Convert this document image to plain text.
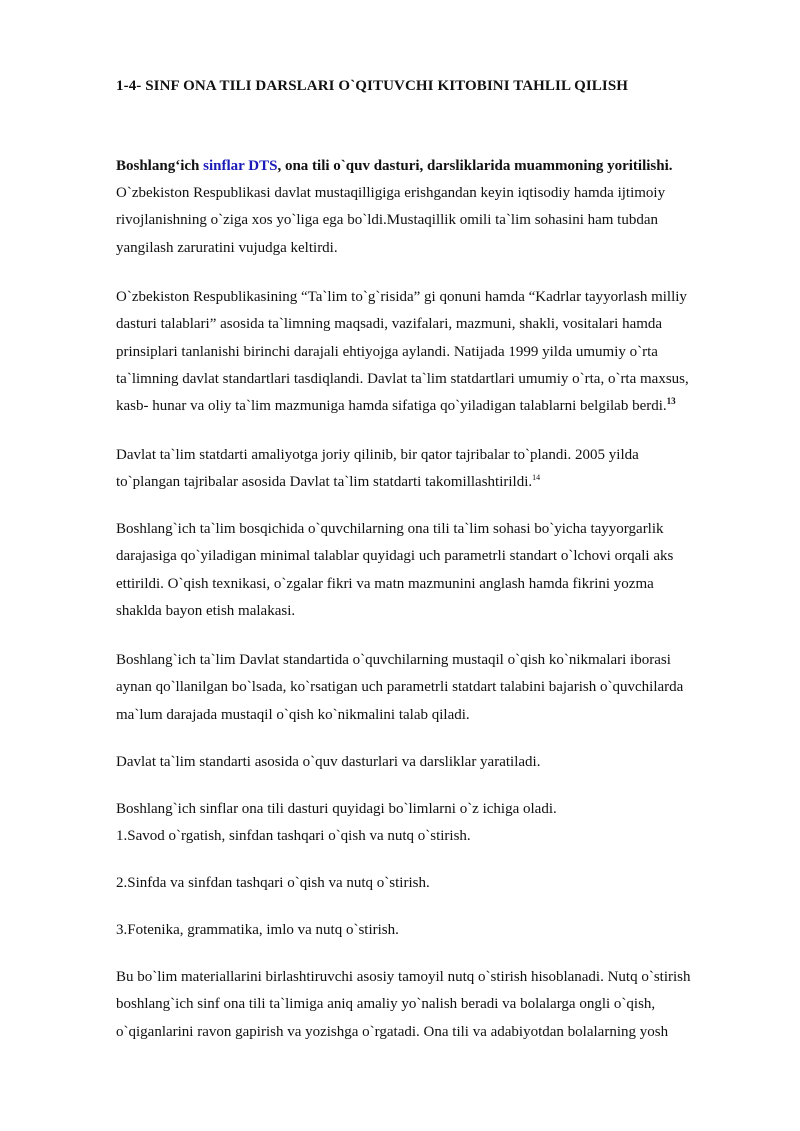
1-4- SINF ONA TILI DARSLARI O`QITUVCHI KITOBINI TAHLIL QILISH
Boshlang‘ich sinflar DTS, ona tili o`quv dasturi, darsliklarida muammoning yoritilishi.
O`zbekiston Respublikasi davlat mustaqilligiga erishgandan keyin iqtisodiy hamda ijtimoiy
rivojlanishning o`ziga xos yo`liga ega bo`ldi.Mustaqillik omili ta`lim sohasini ham tubdan
yangilash zaruratini vujudga keltirdi.
O`zbekiston Respublikasining “Ta`lim to`g`risida” gi qonuni hamda “Kadrlar tayyorlash milliy
dasturi talablari” asosida ta`limning maqsadi, vazifalari, mazmuni, shakli, vositalari hamda
prinsiplari tanlanishi birinchi darajali ehtiyojga aylandi. Natijada 1999 yilda umumiy o`rta
ta`limning davlat standartlari tasdiqlandi. Davlat ta`lim statdartlari umumiy o`rta, o`rta maxsus,
kasb- hunar va oliy ta`lim mazmuniga hamda sifatiga qo`yiladigan talablarni belgilab berdi.$^{13}$
Davlat ta`lim statdarti amaliyotga joriy qilinib, bir qator tajribalar to`plandi. 2005 yilda
to`plangan tajribalar asosida Davlat ta`lim statdarti takomillashtirildi.$^{14}$
Boshlang`ich ta`lim bosqichida o`quvchilarning ona tili ta`lim sohasi bo`yicha tayyorgarlik
darajasiga qo`yiladigan minimal talablar quyidagi uch parametrli standart o`lchovi orqali aks
ettirildi. O`qish texnikasi, o`zgalar fikri va matn mazmunini anglash hamda fikrini yozma
shaklda bayon etish malakasi.
Boshlang`ich ta`lim Davlat standartida o`quvchilarning mustaqil o`qish ko`nikmalari iborasi
aynan qo`llanilgan bo`lsada, ko`rsatigan uch parametrli statdart talabini bajarish o`quvchilarda
ma`lum darajada mustaqil o`qish ko`nikmalini talab qiladi.
Davlat ta`lim standarti asosida o`quv dasturlari va darsliklar yaratiladi.
Boshlang`ich sinflar ona tili dasturi quyidagi bo`limlarni o`z ichiga oladi.
1.Savod o`rgatish, sinfdan tashqari o`qish va nutq o`stirish.
2.Sinfda va sinfdan tashqari o`qish va nutq o`stirish.
3.Fotenika, grammatika, imlo va nutq o`stirish.
Bu bo`lim materiallarini birlashtiruvchi asosiy tamoyil nutq o`stirish hisoblanadi. Nutq o`stirish
boshlang`ich sinf ona tili ta`limiga aniq amaliy yo`nalish beradi va bolalarga ongli o`qish,
o`qiganlarini ravon gapirish va yozishga o`rgatadi. Ona tili va adabiyotdan bolalarning yosh
